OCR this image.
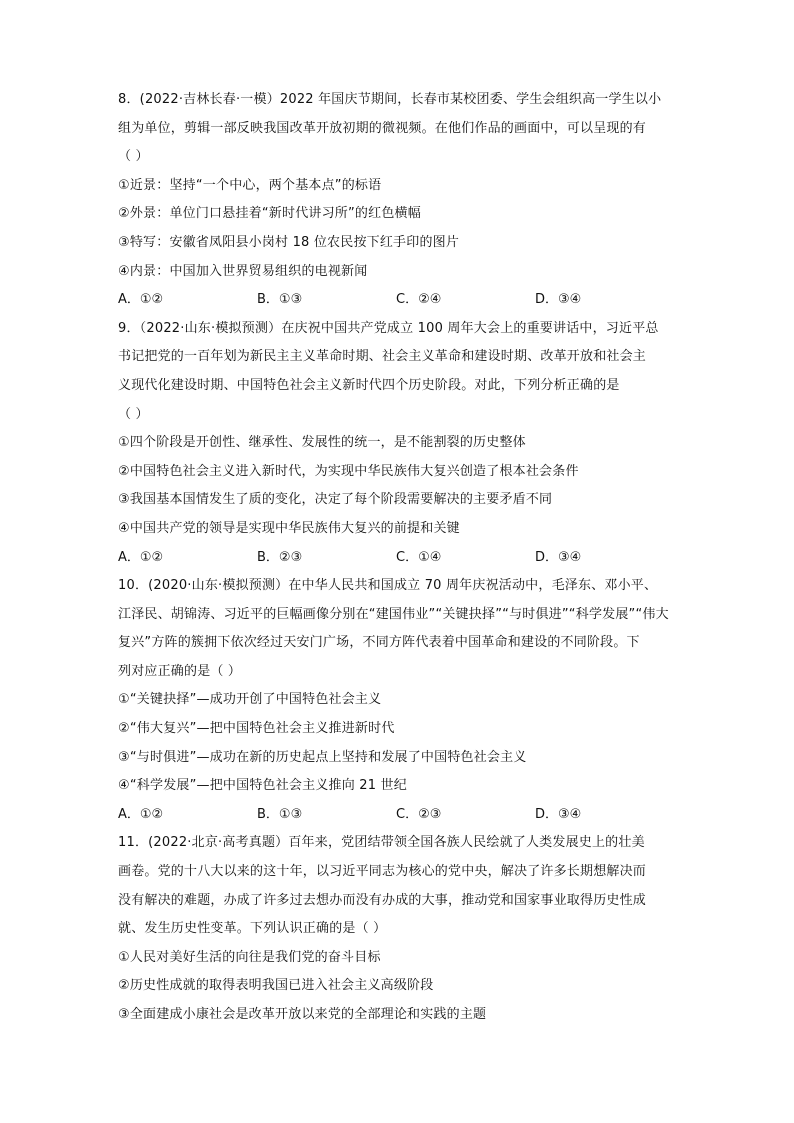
8．(2022·吉林长春·一模）2022 年国庆节期间，长春市某校团委、学生会组织高一学生以小
组为单位，剪辑一部反映我国改革开放初期的微视频。在他们作品的画面中，可以呈现的有
（ ）
①近景：坚持“一个中心，两个基本点”的标语
②外景：单位门口悬挂着“新时代讲习所”的红色横幅
③特写：安徽省凤阳县小岗村 18 位农民按下红手印的图片
④内景：中国加入世界贸易组织的电视新闻
A．①②	B．①③	C．②④	D．③④
9．（2022·山东·模拟预测）在庆祝中国共产党成立 100 周年大会上的重要讲话中，习近平总
书记把党的一百年划为新民主主义革命时期、社会主义革命和建设时期、改革开放和社会主
义现代化建设时期、中国特色社会主义新时代四个历史阶段。对此，下列分析正确的是
（ ）
①四个阶段是开创性、继承性、发展性的统一，是不能割裂的历史整体
②中国特色社会主义进入新时代，为实现中华民族伟大复兴创造了根本社会条件
③我国基本国情发生了质的变化，决定了每个阶段需要解决的主要矛盾不同
④中国共产党的领导是实现中华民族伟大复兴的前提和关键
A．①②	B．②③	C．①④	D．③④
10．(2020·山东·模拟预测）在中华人民共和国成立 70 周年庆祝活动中，毛泽东、邓小平、
江泽民、胡锦涛、习近平的巨幅画像分别在“建国伟业”“关键抉择”“与时俱进”“科学发展”“伟大
复兴”方阵的簇拥下依次经过天安门广场，不同方阵代表着中国革命和建设的不同阶段。下
列对应正确的是（ ）
①“关键抉择”—成功开创了中国特色社会主义
②“伟大复兴”—把中国特色社会主义推进新时代
③“与时俱进”—成功在新的历史起点上坚持和发展了中国特色社会主义
④“科学发展”—把中国特色社会主义推向 21 世纪
A．①②	B．①③	C．②③	D．③④
11．(2022·北京·高考真题）百年来，党团结带领全国各族人民绘就了人类发展史上的壮美
画卷。党的十八大以来的这十年，以习近平同志为核心的党中央，解决了许多长期想解决而
没有解决的难题，办成了许多过去想办而没有办成的大事，推动党和国家事业取得历史性成
就、发生历史性变革。下列认识正确的是（ ）
①人民对美好生活的向往是我们党的奋斗目标
②历史性成就的取得表明我国已进入社会主义高级阶段
③全面建成小康社会是改革开放以来党的全部理论和实践的主题
